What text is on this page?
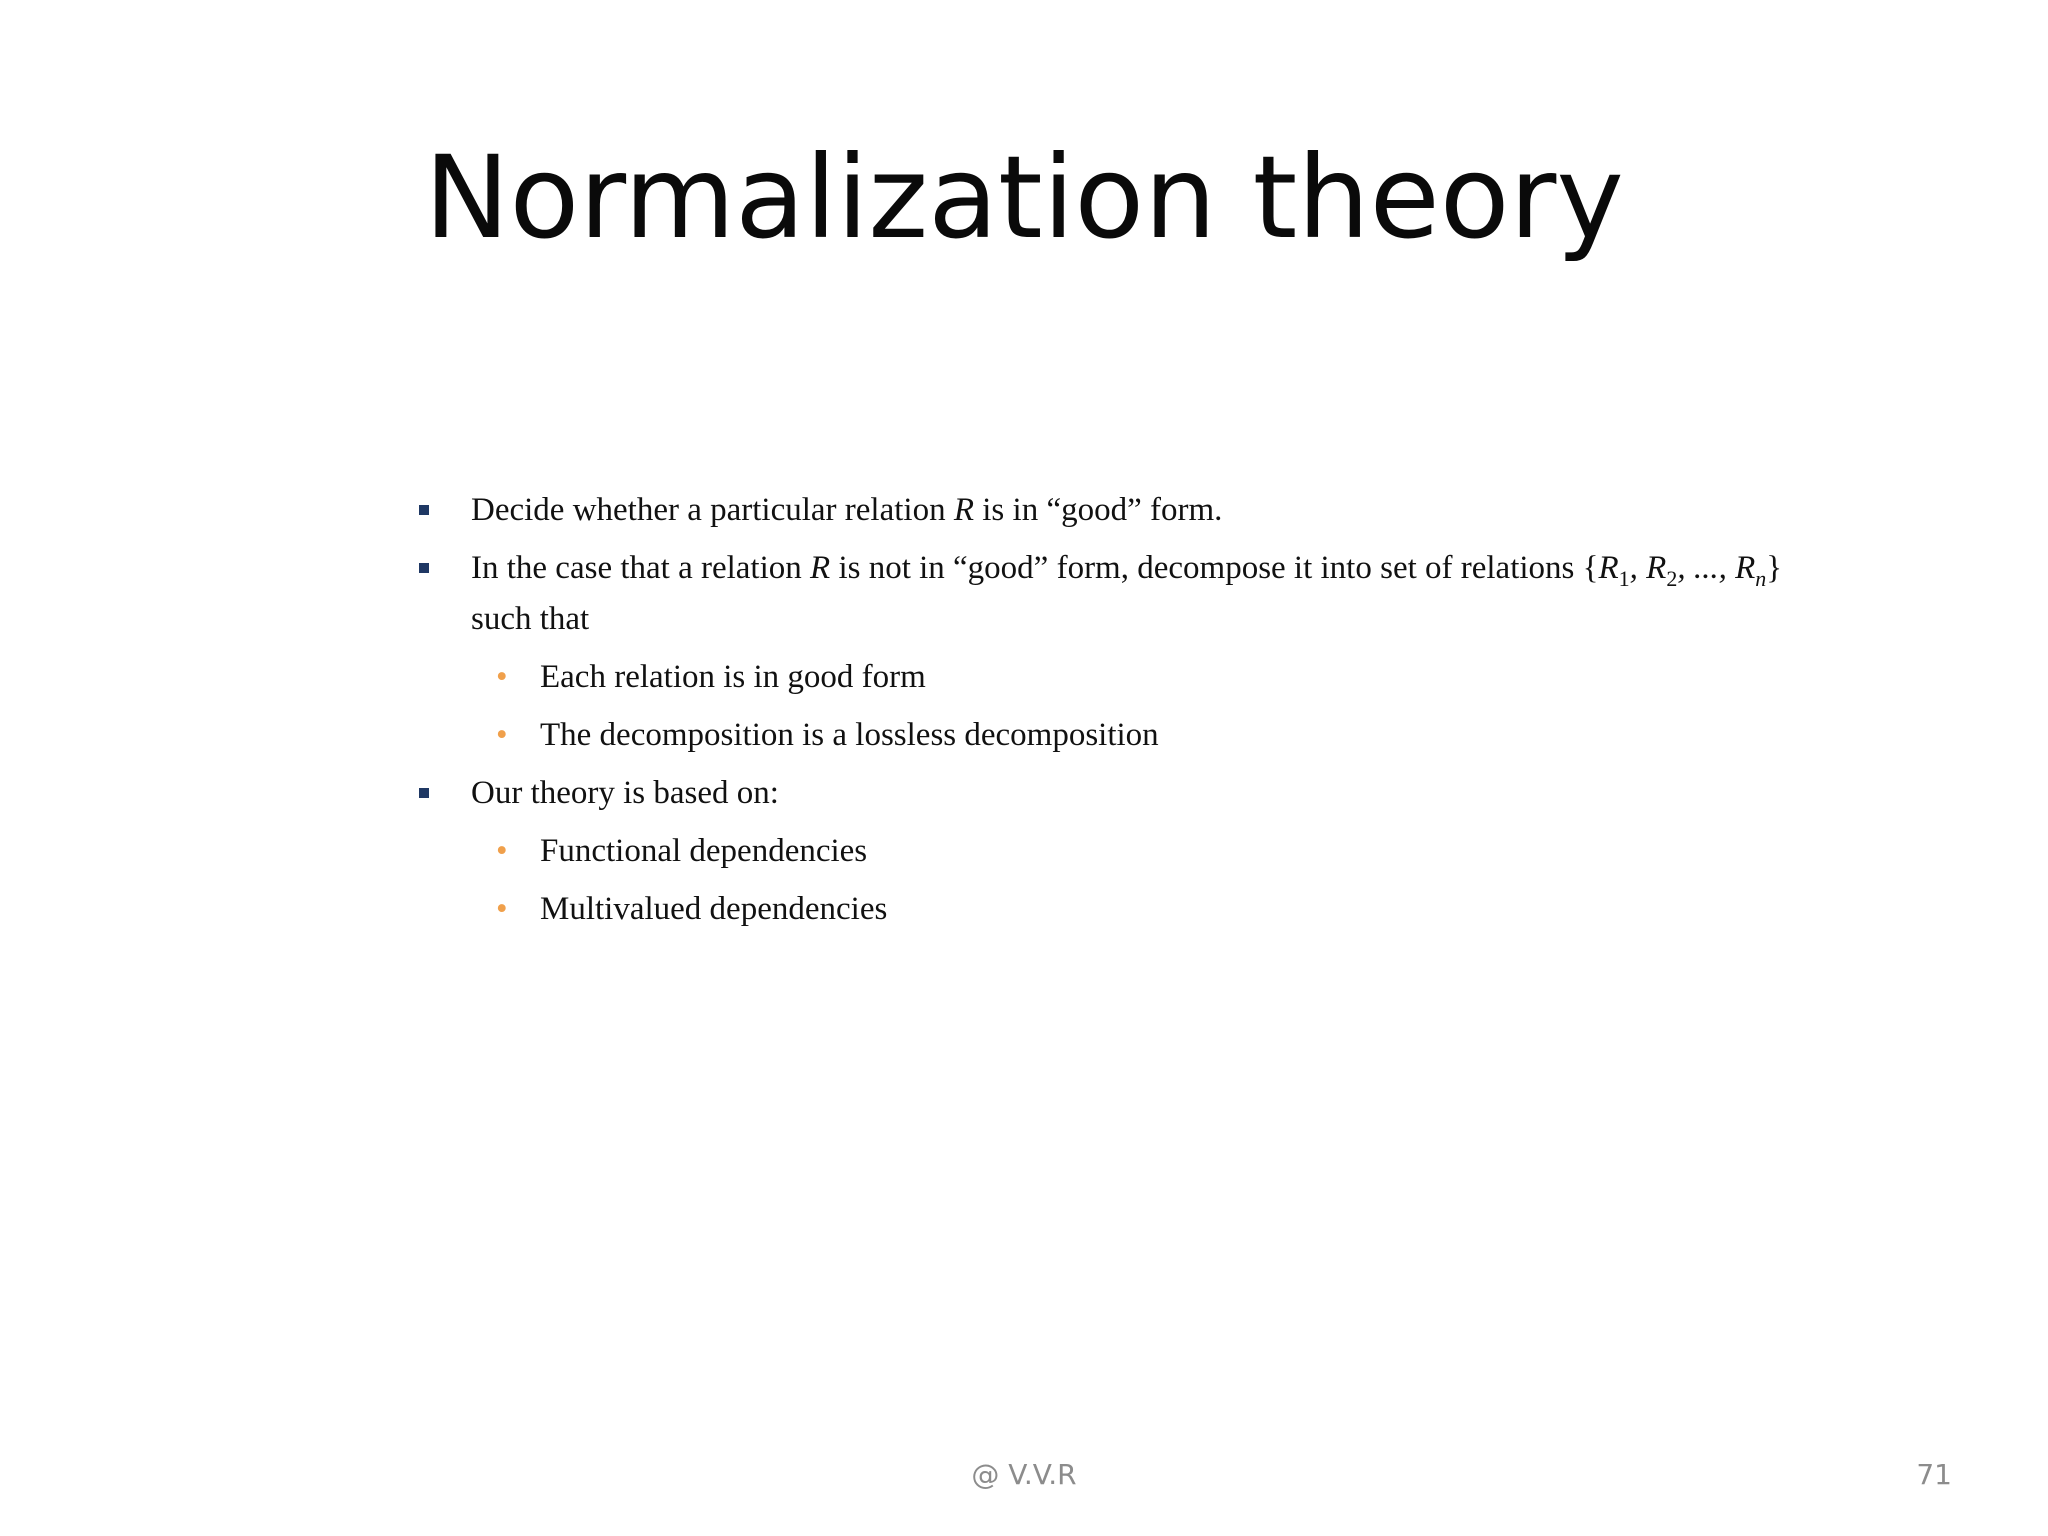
Normalization theory
Decide whether a particular relation R is in “good” form.
In the case that a relation R is not in “good” form, decompose it into set of relations {$R_1$, $R_2$, ..., $R_n$}
such that
• Each relation is in good form
• The decomposition is a lossless decomposition
Our theory is based on:
• Functional dependencies
• Multivalued dependencies
@ V.V.R	71
